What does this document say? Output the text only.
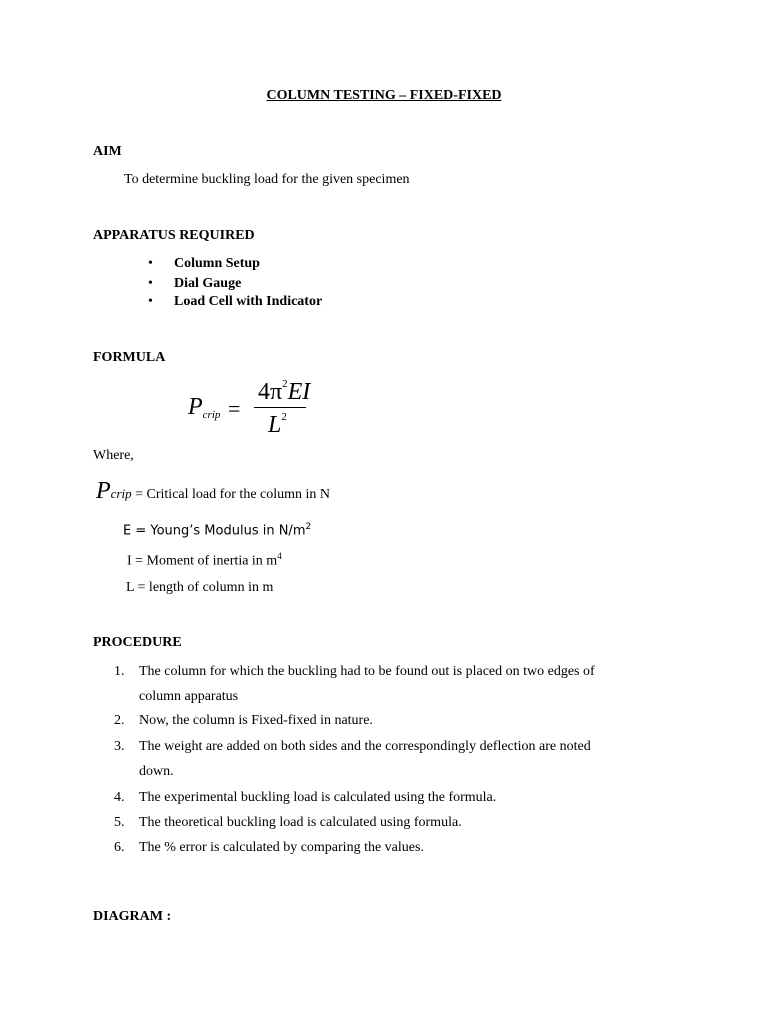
COLUMN TESTING – FIXED-FIXED
AIM
To determine buckling load for the given specimen
APPARATUS REQUIRED
• Column Setup
• Dial Gauge
• Load Cell with Indicator
FORMULA
$P_{crip}$ =
$4\pi^2EI$
$L^2$
Where,
Pcrip = Critical load for the column in N
E = Young’s Modulus in $N/m^2$
I = Moment of inertia in $m^4$
L = length of column in m
PROCEDURE
1. The column for which the buckling had to be found out is placed on two edges of
column apparatus
2. Now, the column is Fixed-fixed in nature.
3. The weight are added on both sides and the correspondingly deflection are noted
down.
4. The experimental buckling load is calculated using the formula.
5. The theoretical buckling load is calculated using formula.
6. The % error is calculated by comparing the values.
DIAGRAM :
